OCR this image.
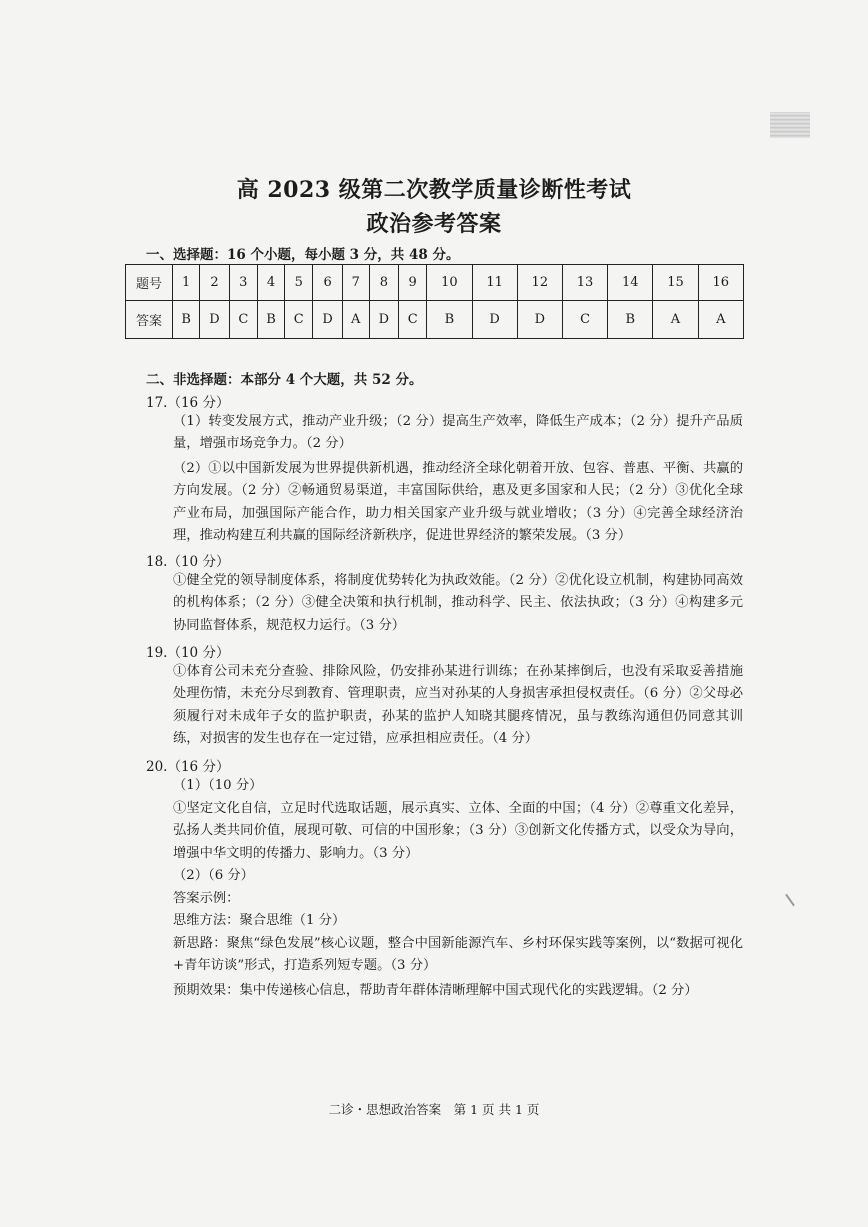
高 2023 级第二次教学质量诊断性考试
政治参考答案
一、选择题：16 个小题，每小题 3 分，共 48 分。
题号	1	2	3	4	5	6	7	8	9	10	11	12	13	14	15	16
答案	B	D	C	B	C	D	A	D	C	B	D	D	C	B	A	A
二、非选择题：本部分 4 个大题，共 52 分。
17.（16 分）
（1）转变发展方式，推动产业升级；（2 分）提高生产效率，降低生产成本；（2 分）提升产品质量，增强市场竞争力。（2 分）
（2）①以中国新发展为世界提供新机遇，推动经济全球化朝着开放、包容、普惠、平衡、共赢的方向发展。（2 分）②畅通贸易渠道，丰富国际供给，惠及更多国家和人民；（2 分）③优化全球产业布局，加强国际产能合作，助力相关国家产业升级与就业增收；（3 分）④完善全球经济治理，推动构建互利共赢的国际经济新秩序，促进世界经济的繁荣发展。（3 分）
18.（10 分）
①健全党的领导制度体系，将制度优势转化为执政效能。（2 分）②优化设立机制，构建协同高效的机构体系；（2 分）③健全决策和执行机制，推动科学、民主、依法执政；（3 分）④构建多元协同监督体系，规范权力运行。（3 分）
19.（10 分）
①体育公司未充分查验、排除风险，仍安排孙某进行训练；在孙某摔倒后，也没有采取妥善措施处理伤情，未充分尽到教育、管理职责，应当对孙某的人身损害承担侵权责任。（6 分）②父母必须履行对未成年子女的监护职责，孙某的监护人知晓其腿疼情况，虽与教练沟通但仍同意其训练，对损害的发生也存在一定过错，应承担相应责任。（4 分）
20.（16 分）
（1）（10 分）
①坚定文化自信，立足时代选取话题，展示真实、立体、全面的中国；（4 分）②尊重文化差异，弘扬人类共同价值，展现可敬、可信的中国形象；（3 分）③创新文化传播方式，以受众为导向，增强中华文明的传播力、影响力。（3 分）
（2）（6 分）
答案示例：
思维方法：聚合思维（1 分）
新思路：聚焦“绿色发展”核心议题，整合中国新能源汽车、乡村环保实践等案例，以“数据可视化+青年访谈”形式，打造系列短专题。（3 分）
预期效果：集中传递核心信息，帮助青年群体清晰理解中国式现代化的实践逻辑。（2 分）
二诊・思想政治答案　第 1 页 共 1 页
